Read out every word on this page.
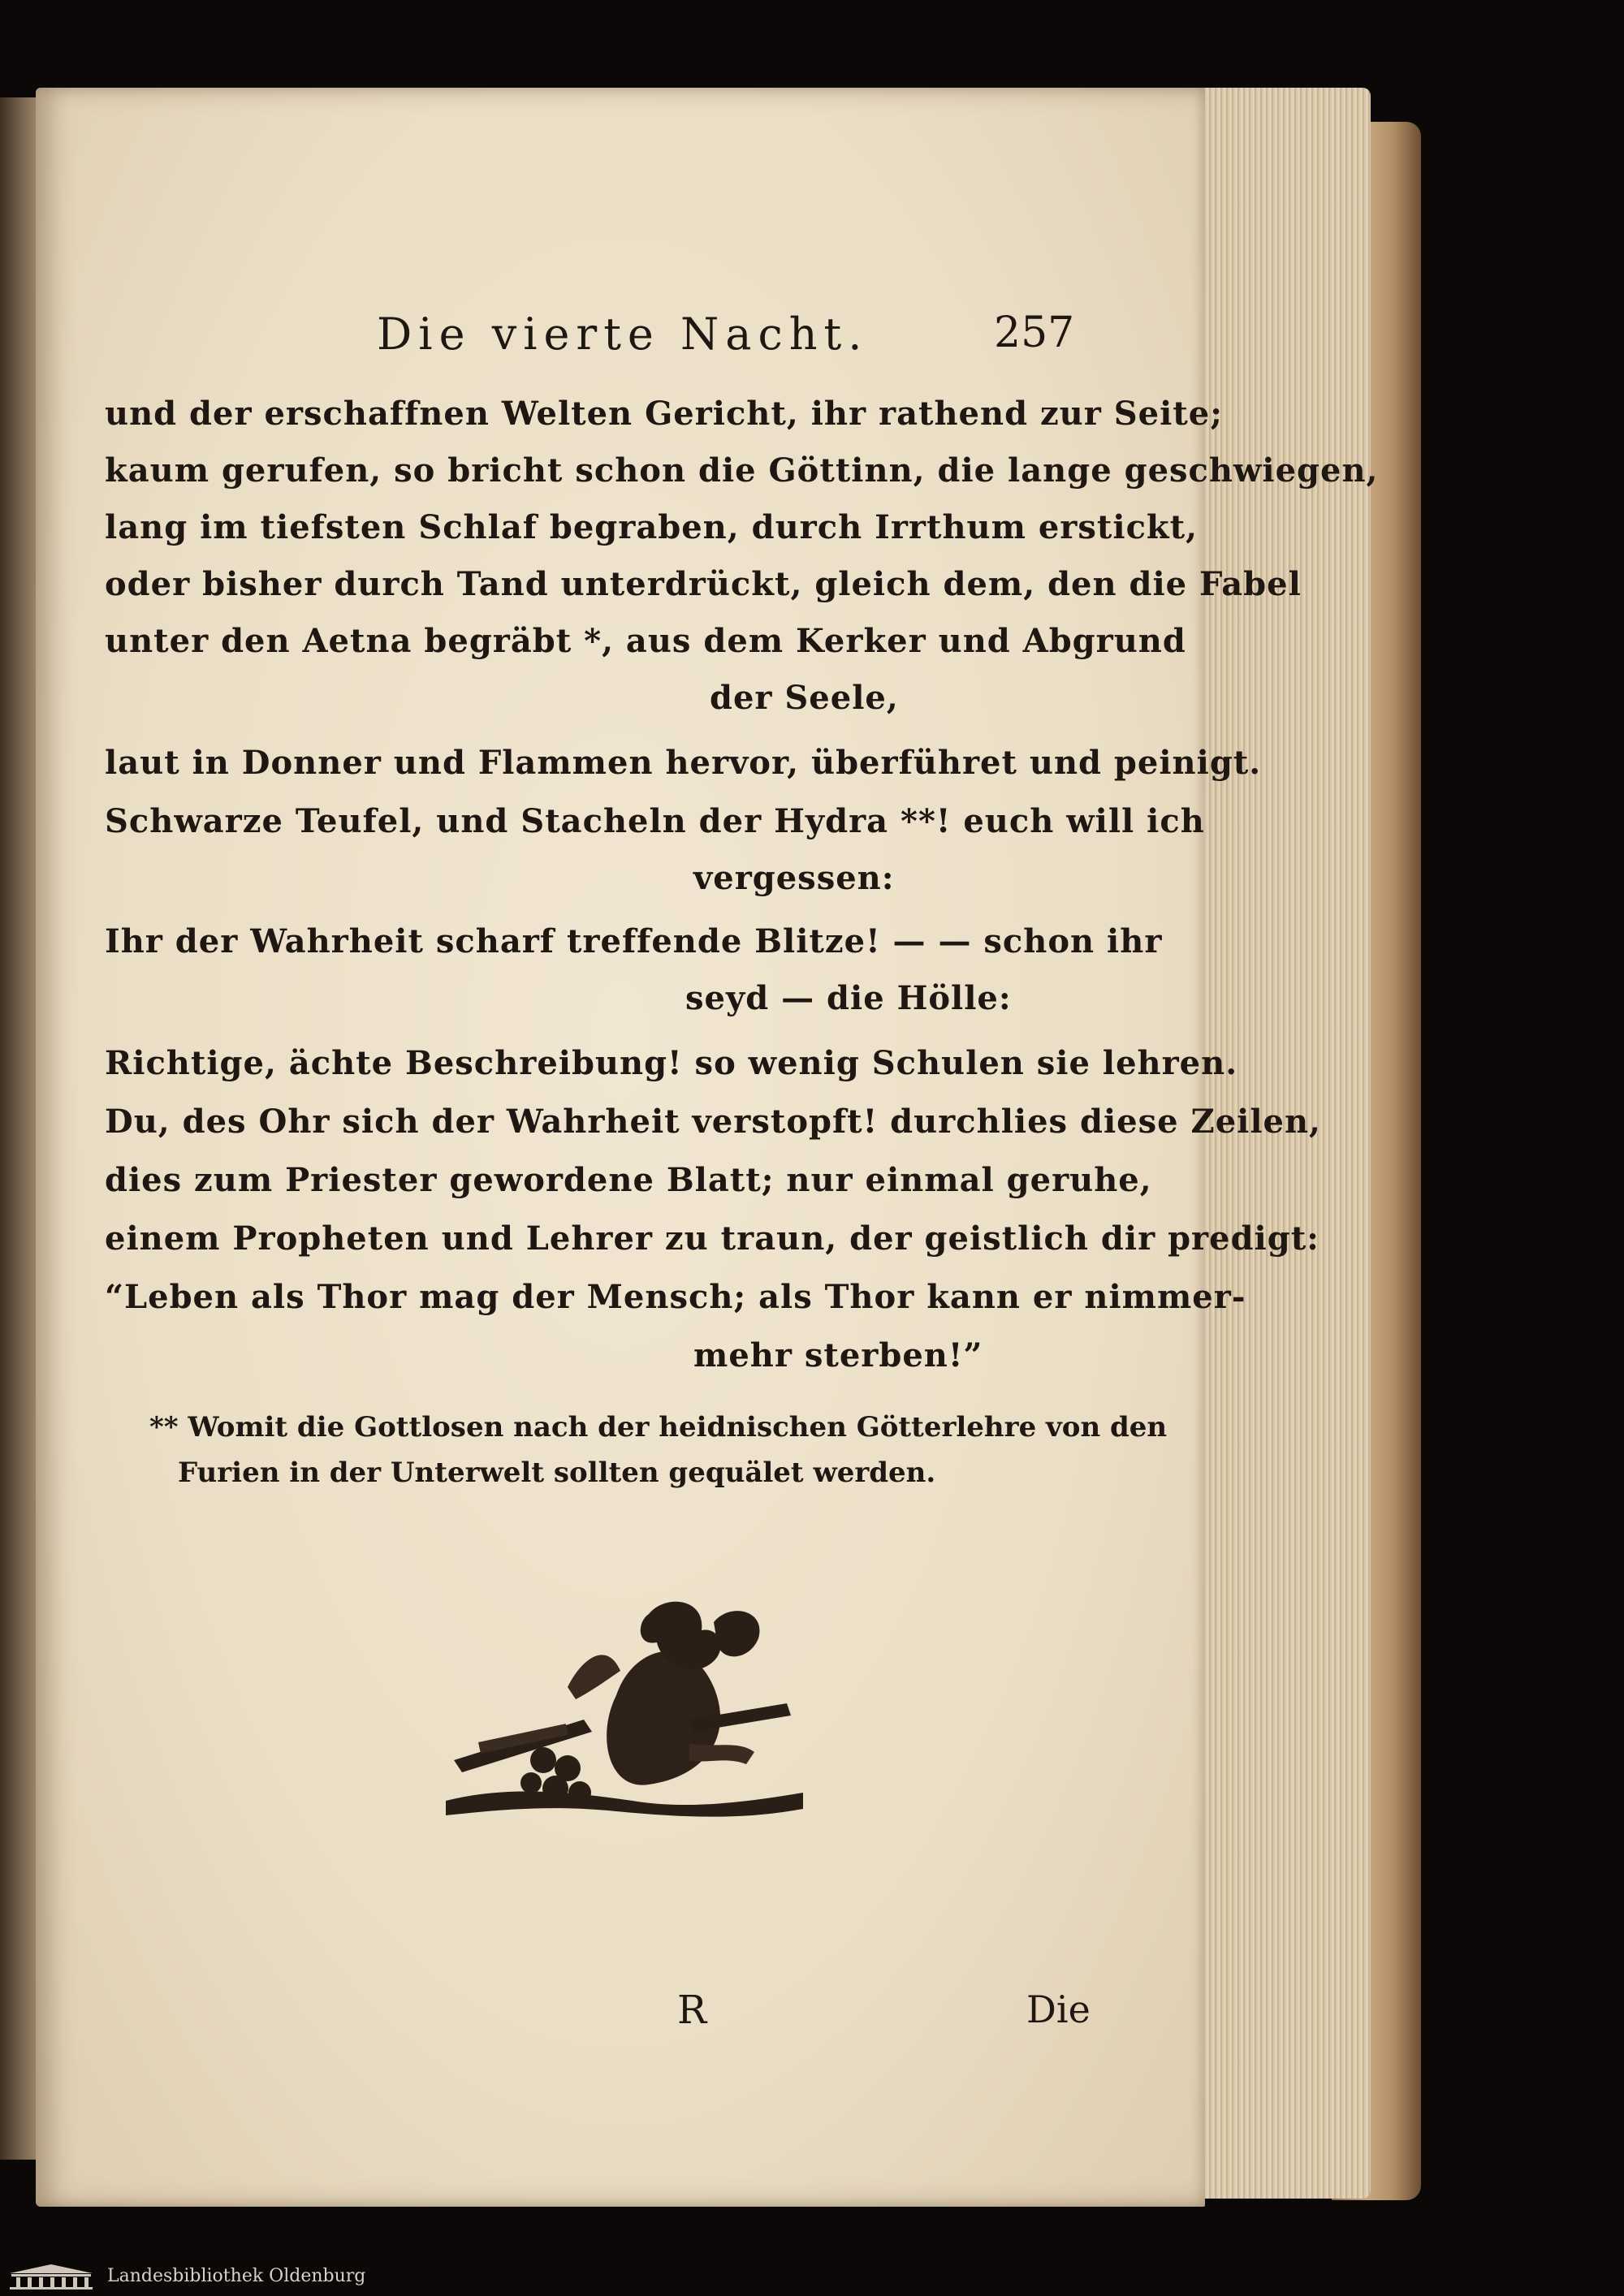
Die vierte Nacht.	257
und der erschaffnen Welten Gericht, ihr rathend zur Seite;
kaum gerufen, so bricht schon die Göttinn, die lange geschwiegen,
lang im tiefsten Schlaf begraben, durch Irrthum erstickt,
oder bisher durch Tand unterdrückt, gleich dem, den die Fabel
unter den Aetna begräbt *, aus dem Kerker und Abgrund
der Seele,
laut in Donner und Flammen hervor, überführet und peinigt.
Schwarze Teufel, und Stacheln der Hydra **! euch will ich
vergessen:
Ihr der Wahrheit scharf treffende Blitze! — — schon ihr
seyd — die Hölle:
Richtige, ächte Beschreibung! so wenig Schulen sie lehren.
Du, des Ohr sich der Wahrheit verstopft! durchlies diese Zeilen,
dies zum Priester gewordene Blatt; nur einmal geruhe,
einem Propheten und Lehrer zu traun, der geistlich dir predigt:
“Leben als Thor mag der Mensch; als Thor kann er nimmer-
mehr sterben!”
** Womit die Gottlosen nach der heidnischen Götterlehre von den
Furien in der Unterwelt sollten gequälet werden.
R	Die
Landesbibliothek Oldenburg
